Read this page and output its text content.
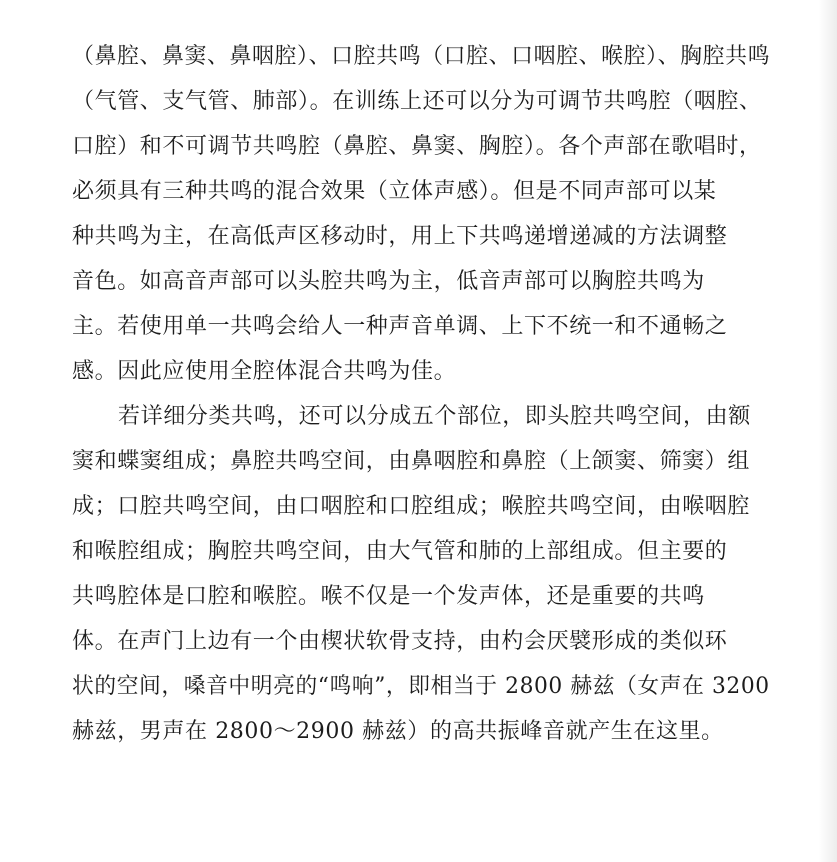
（鼻腔、鼻窦、鼻咽腔）、口腔共鸣（口腔、口咽腔、喉腔）、胸腔共鸣
（气管、支气管、肺部）。在训练上还可以分为可调节共鸣腔（咽腔、
口腔）和不可调节共鸣腔（鼻腔、鼻窦、胸腔）。各个声部在歌唱时，
必须具有三种共鸣的混合效果（立体声感）。但是不同声部可以某
种共鸣为主，在高低声区移动时，用上下共鸣递增递减的方法调整
音色。如高音声部可以头腔共鸣为主，低音声部可以胸腔共鸣为
主。若使用单一共鸣会给人一种声音单调、上下不统一和不通畅之
感。因此应使用全腔体混合共鸣为佳。
若详细分类共鸣，还可以分成五个部位，即头腔共鸣空间，由额
窦和蝶窦组成；鼻腔共鸣空间，由鼻咽腔和鼻腔（上颌窦、筛窦）组
成；口腔共鸣空间，由口咽腔和口腔组成；喉腔共鸣空间，由喉咽腔
和喉腔组成；胸腔共鸣空间，由大气管和肺的上部组成。但主要的
共鸣腔体是口腔和喉腔。喉不仅是一个发声体，还是重要的共鸣
体。在声门上边有一个由楔状软骨支持，由杓会厌襞形成的类似环
状的空间，嗓音中明亮的“鸣响”，即相当于 2800 赫兹（女声在 3200
赫兹，男声在 2800～2900 赫兹）的高共振峰音就产生在这里。
